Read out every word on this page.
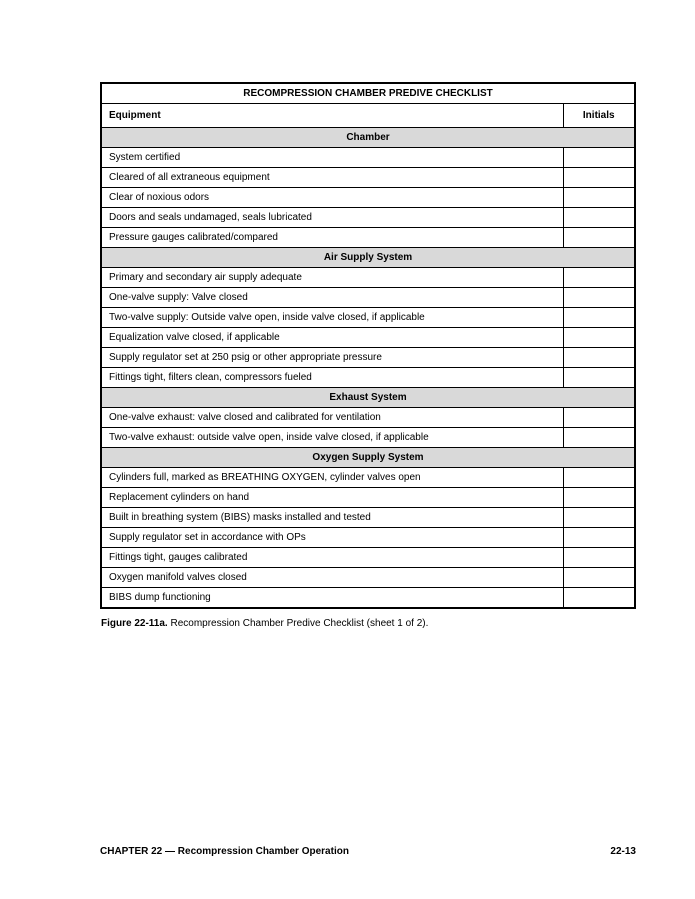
RECOMPRESSION CHAMBER PREDIVE CHECKLIST	
Equipment	Initials
Chamber	
System certified	
Cleared of all extraneous equipment	
Clear of noxious odors	
Doors and seals undamaged, seals lubricated	
Pressure gauges calibrated/compared	
Air Supply System	
Primary and secondary air supply adequate	
One-valve supply: Valve closed	
Two-valve supply: Outside valve open, inside valve closed, if applicable	
Equalization valve closed, if applicable	
Supply regulator set at 250 psig or other appropriate pressure	
Fittings tight, filters clean, compressors fueled	
Exhaust System	
One-valve exhaust: valve closed and calibrated for ventilation	
Two-valve exhaust: outside valve open, inside valve closed, if applicable	
Oxygen Supply System	
Cylinders full, marked as BREATHING OXYGEN, cylinder valves open	
Replacement cylinders on hand	
Built in breathing system (BIBS) masks installed and tested	
Supply regulator set in accordance with OPs	
Fittings tight, gauges calibrated	
Oxygen manifold valves closed	
BIBS dump functioning	

Figure 22-11a. Recompression Chamber Predive Checklist (sheet 1 of 2).

CHAPTER 22 — Recompression Chamber Operation	22-13
